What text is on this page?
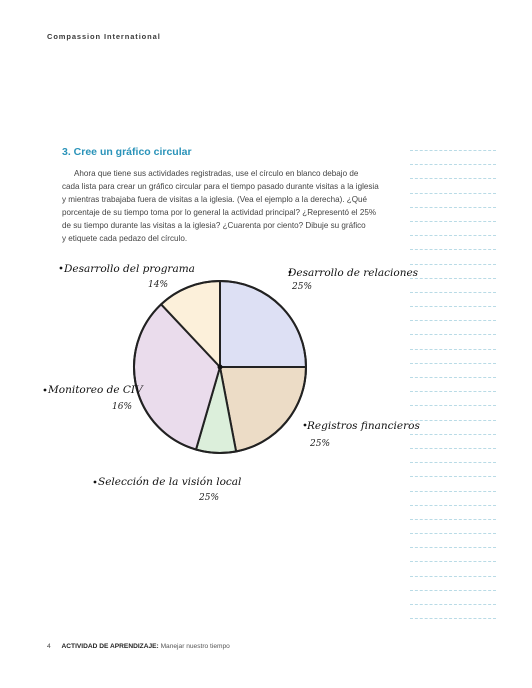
Compassion International
3. Cree un gráfico circular

Ahora que tiene sus actividades registradas, use el círculo en blanco debajo de
cada lista para crear un gráfico circular para el tiempo pasado durante visitas a la iglesia
y mientras trabajaba fuera de visitas a la iglesia. (Vea el ejemplo a la derecha). ¿Qué
porcentaje de su tiempo toma por lo general la actividad principal? ¿Representó el 25%
de su tiempo durante las visitas a la iglesia? ¿Cuarenta por ciento? Dibuje su gráfico
y etiquete cada pedazo del círculo.

Desarrollo de relaciones
25%
Registros financieros
25%
Selección de la visión local
25%
Monitoreo de CIV
16%
Desarrollo del programa
14%
4 ACTIVIDAD DE APRENDIZAJE: Manejar nuestro tiempo
